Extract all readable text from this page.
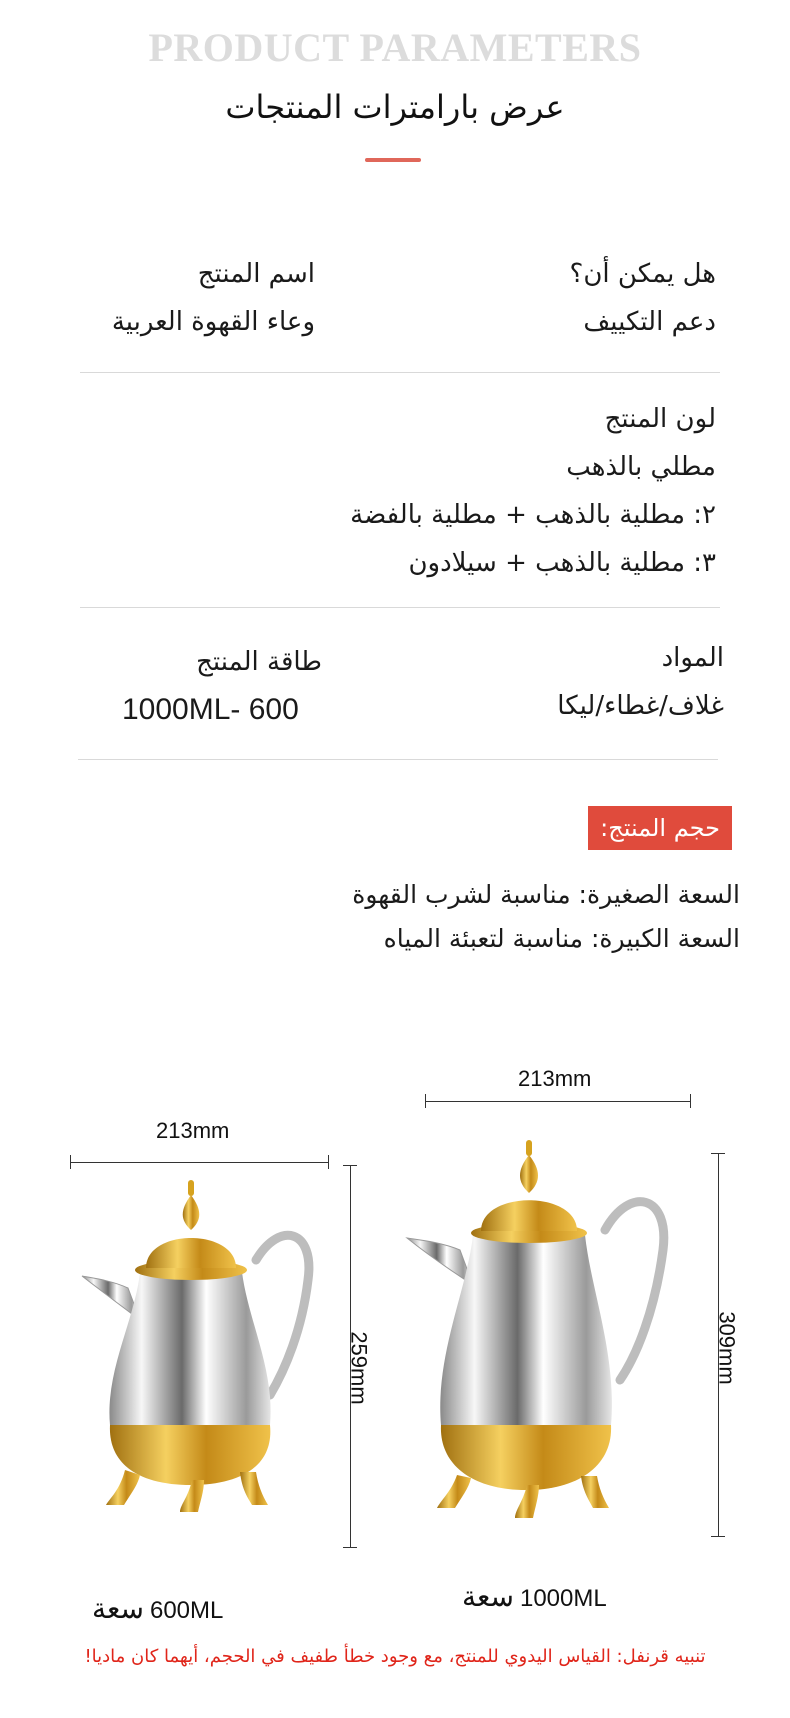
PRODUCT PARAMETERS
عرض بارامترات المنتجات
هل يمكن أن؟
دعم التكييف
اسم المنتج
وعاء القهوة العربية
لون المنتج
مطلي بالذهب
٢: مطلية بالذهب + مطلية بالفضة
٣: مطلية بالذهب + سيلادون
المواد
غلاف/غطاء/ليكا
طاقة المنتج
1000ML- 600
حجم المنتج:
السعة الصغيرة: مناسبة لشرب القهوة
السعة الكبيرة: مناسبة لتعبئة المياه
213mm
259mm
213mm
309mm
سعة 600ML	سعة 1000ML
تنبيه قرنفل: القياس اليدوي للمنتج، مع وجود خطأ طفيف في الحجم، أيهما كان ماديا!
